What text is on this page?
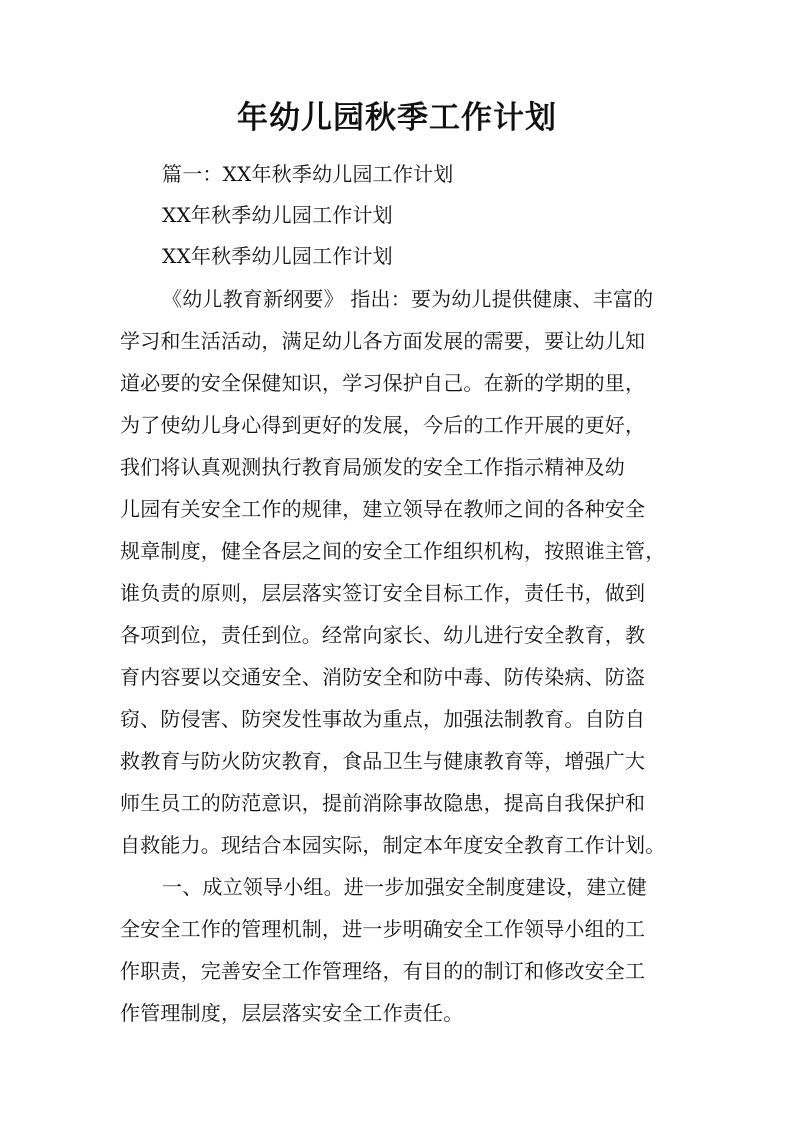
年幼儿园秋季工作计划
篇一：XX年秋季幼儿园工作计划
XX年秋季幼儿园工作计划
XX年秋季幼儿园工作计划
《幼儿教育新纲要》 指出：要为幼儿提供健康、丰富的
学习和生活活动，满足幼儿各方面发展的需要，要让幼儿知
道必要的安全保健知识，学习保护自己。在新的学期的里，
为了使幼儿身心得到更好的发展，今后的工作开展的更好，
我们将认真观测执行教育局颁发的安全工作指示精神及幼
儿园有关安全工作的规律，建立领导在教师之间的各种安全
规章制度，健全各层之间的安全工作组织机构，按照谁主管，
谁负责的原则，层层落实签订安全目标工作，责任书，做到
各项到位，责任到位。经常向家长、幼儿进行安全教育，教
育内容要以交通安全、消防安全和防中毒、防传染病、防盗
窃、防侵害、防突发性事故为重点，加强法制教育。自防自
救教育与防火防灾教育，食品卫生与健康教育等，增强广大
师生员工的防范意识，提前消除事故隐患，提高自我保护和
自救能力。现结合本园实际，制定本年度安全教育工作计划。
一、成立领导小组。进一步加强安全制度建设，建立健
全安全工作的管理机制，进一步明确安全工作领导小组的工
作职责，完善安全工作管理络，有目的的制订和修改安全工
作管理制度，层层落实安全工作责任。
